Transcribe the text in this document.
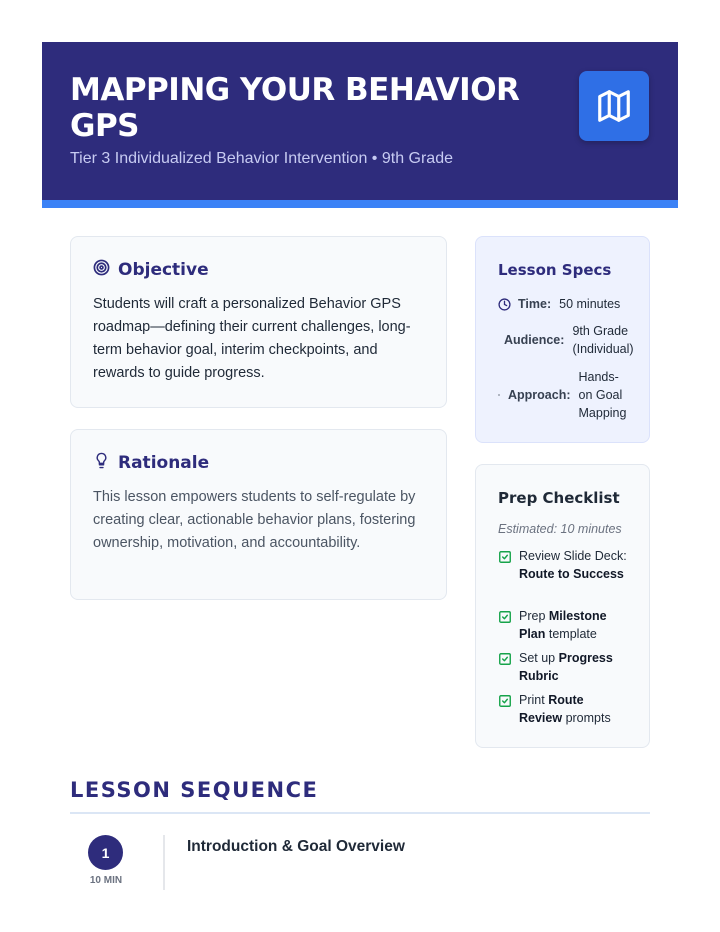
MAPPING YOUR BEHAVIOR GPS
Tier 3 Individualized Behavior Intervention • 9th Grade
Objective
Students will craft a personalized Behavior GPS roadmap—defining their current challenges, long-term behavior goal, interim checkpoints, and rewards to guide progress.
Rationale
This lesson empowers students to self-regulate by creating clear, actionable behavior plans, fostering ownership, motivation, and accountability.
Lesson Specs
Time: 50 minutes
Audience:
9th Grade
(Individual)
Approach:
Hands-
on Goal
Mapping
Prep Checklist
Estimated: 10 minutes
Review Slide Deck: Route to Success
Prep Milestone Plan template
Set up Progress Rubric
Print Route Review prompts
LESSON SEQUENCE
1
10 MIN
Introduction & Goal Overview
